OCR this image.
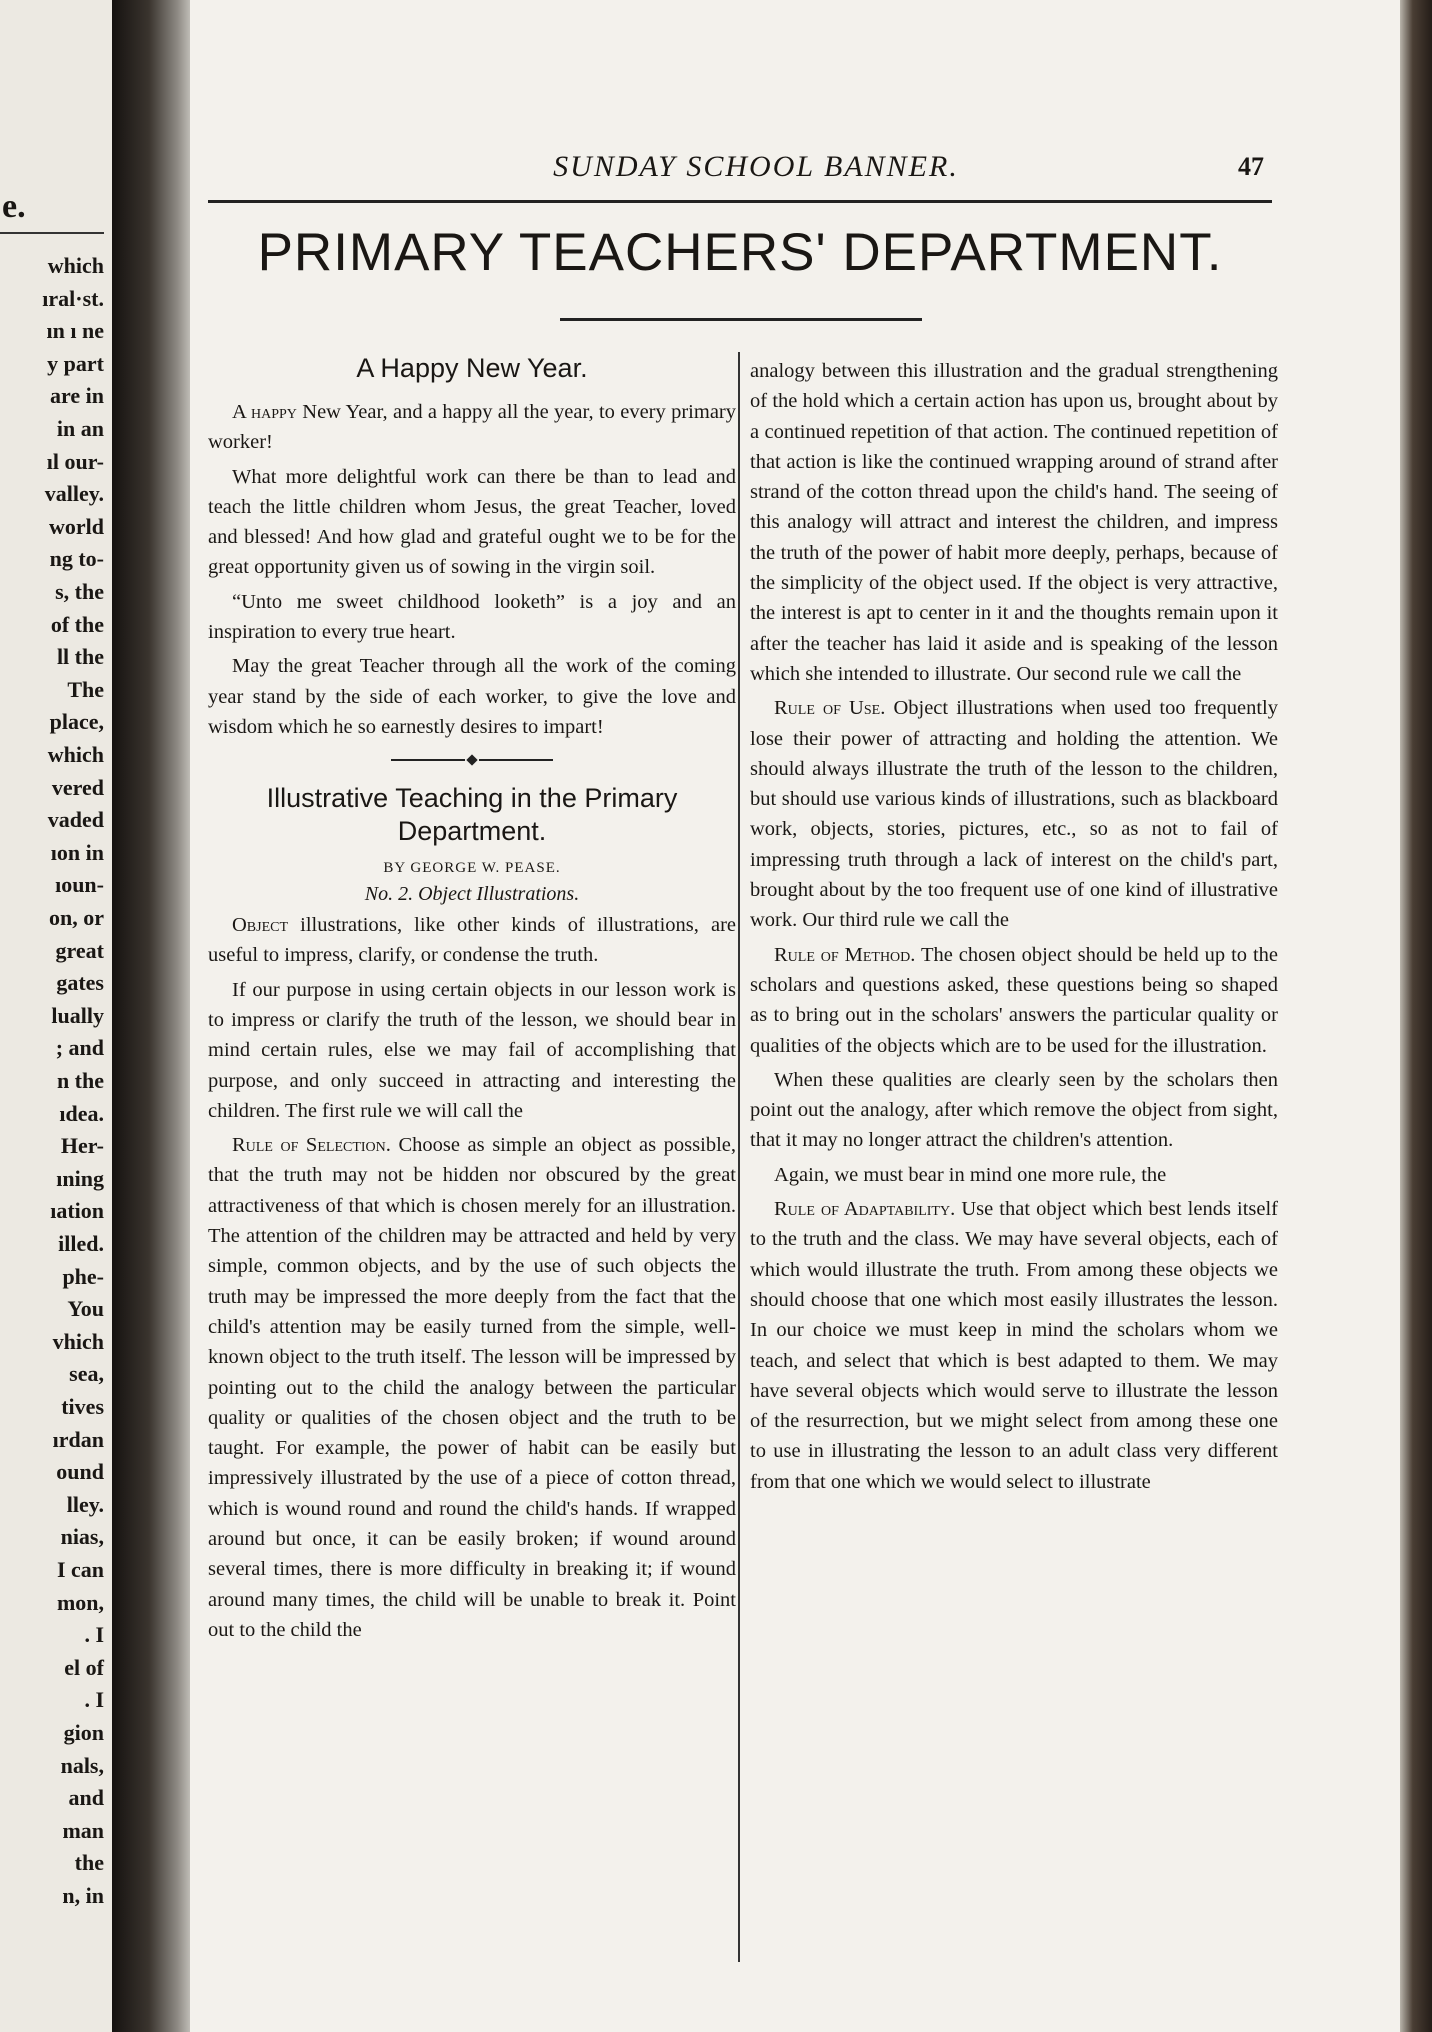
e.
which
ıral·st.
ın ı ne
y part
are in
in an
ıl our-
valley.
world
ng to-
s, the
of the
ll the
The
place,
which
vered
vaded
ıon in
ıoun-
on, or
great
gates
lually
; and
n the
ıdea.
Her-
ıning
ıation
illed.
phe-
You
vhich
sea,
tives
ırdan
ound
lley.
nias,
I can
mon,
. I
el of
. I
gion
nals,
and
man
the
n, in
SUNDAY SCHOOL BANNER.	47
PRIMARY TEACHERS' DEPARTMENT.
A Happy New Year.

A happy New Year, and a happy all the year, to every primary worker!

What more delightful work can there be than to lead and teach the little children whom Jesus, the great Teacher, loved and blessed! And how glad and grateful ought we to be for the great opportunity given us of sowing in the virgin soil.

“Unto me sweet childhood looketh” is a joy and an inspiration to every true heart.

May the great Teacher through all the work of the coming year stand by the side of each worker, to give the love and wisdom which he so earnestly desires to impart!

Illustrative Teaching in the Primary Department.
BY GEORGE W. PEASE.
No. 2. Object Illustrations.

Object illustrations, like other kinds of illustrations, are useful to impress, clarify, or condense the truth.

If our purpose in using certain objects in our lesson work is to impress or clarify the truth of the lesson, we should bear in mind certain rules, else we may fail of accomplishing that purpose, and only succeed in attracting and interesting the children. The first rule we will call the

Rule of Selection. Choose as simple an object as possible, that the truth may not be hidden nor obscured by the great attractiveness of that which is chosen merely for an illustration. The attention of the children may be attracted and held by very simple, common objects, and by the use of such objects the truth may be impressed the more deeply from the fact that the child's attention may be easily turned from the simple, well-known object to the truth itself. The lesson will be impressed by pointing out to the child the analogy between the particular quality or qualities of the chosen object and the truth to be taught. For example, the power of habit can be easily but impressively illustrated by the use of a piece of cotton thread, which is wound round and round the child's hands. If wrapped around but once, it can be easily broken; if wound around several times, there is more difficulty in breaking it; if wound around many times, the child will be unable to break it. Point out to the child the

analogy between this illustration and the gradual strengthening of the hold which a certain action has upon us, brought about by a continued repetition of that action. The continued repetition of that action is like the continued wrapping around of strand after strand of the cotton thread upon the child's hand. The seeing of this analogy will attract and interest the children, and impress the truth of the power of habit more deeply, perhaps, because of the simplicity of the object used. If the object is very attractive, the interest is apt to center in it and the thoughts remain upon it after the teacher has laid it aside and is speaking of the lesson which she intended to illustrate. Our second rule we call the

Rule of Use. Object illustrations when used too frequently lose their power of attracting and holding the attention. We should always illustrate the truth of the lesson to the children, but should use various kinds of illustrations, such as blackboard work, objects, stories, pictures, etc., so as not to fail of impressing truth through a lack of interest on the child's part, brought about by the too frequent use of one kind of illustrative work. Our third rule we call the

Rule of Method. The chosen object should be held up to the scholars and questions asked, these questions being so shaped as to bring out in the scholars' answers the particular quality or qualities of the objects which are to be used for the illustration.

When these qualities are clearly seen by the scholars then point out the analogy, after which remove the object from sight, that it may no longer attract the children's attention.

Again, we must bear in mind one more rule, the

Rule of Adaptability. Use that object which best lends itself to the truth and the class. We may have several objects, each of which would illustrate the truth. From among these objects we should choose that one which most easily illustrates the lesson. In our choice we must keep in mind the scholars whom we teach, and select that which is best adapted to them. We may have several objects which would serve to illustrate the lesson of the resurrection, but we might select from among these one to use in illustrating the lesson to an adult class very different from that one which we would select to illustrate
